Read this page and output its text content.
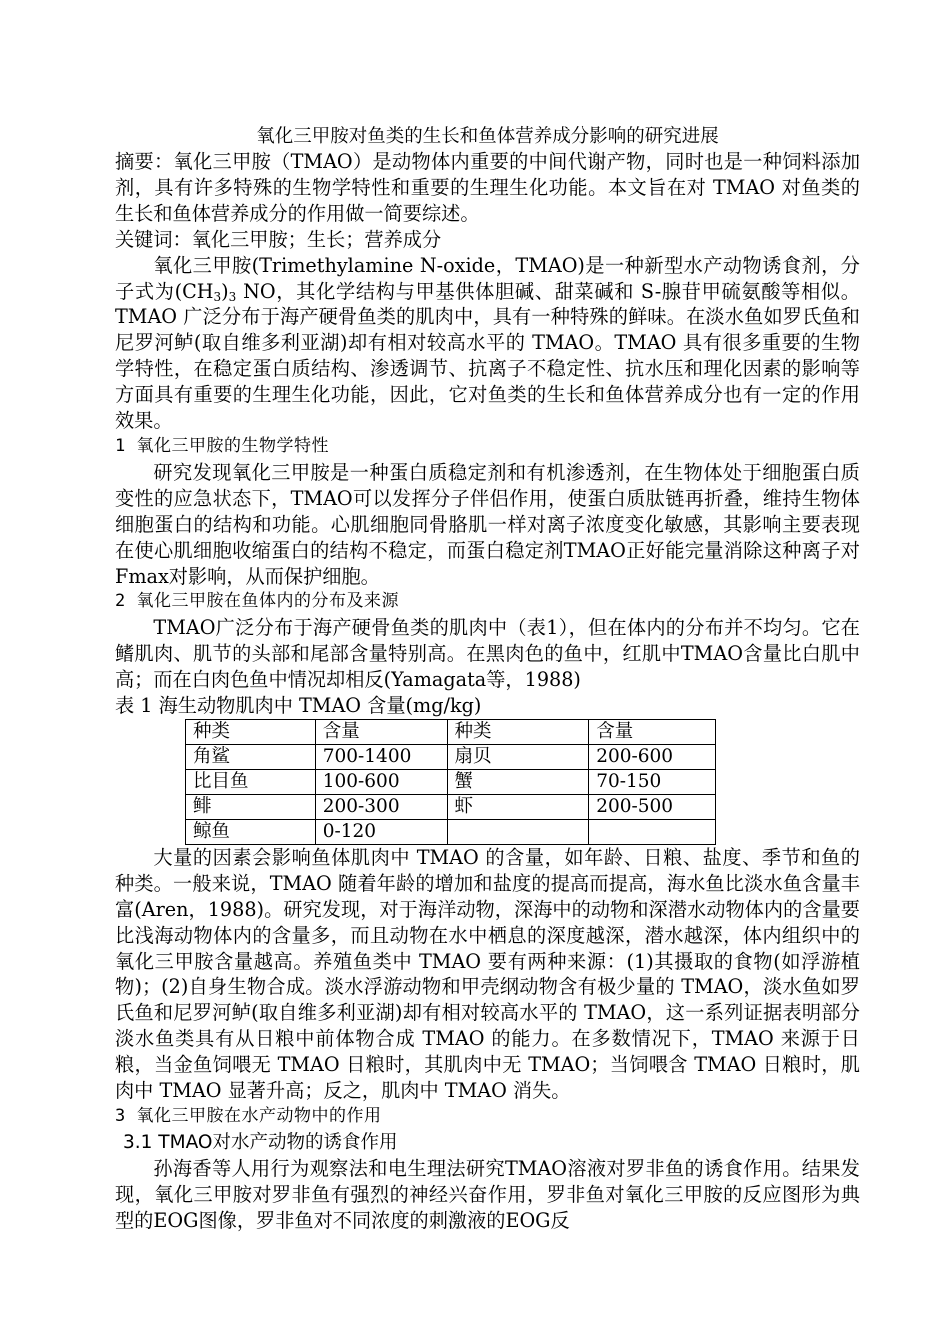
氧化三甲胺对鱼类的生长和鱼体营养成分影响的研究进展

摘要：氧化三甲胺（TMAO）是动物体内重要的中间代谢产物，同时也是一种饲料添加剂，具有许多特殊的生物学特性和重要的生理生化功能。本文旨在对 TMAO 对鱼类的生长和鱼体营养成分的作用做一简要综述。

关键词：氧化三甲胺；生长；营养成分

氧化三甲胺(Trimethylamine N-oxide，TMAO)是一种新型水产动物诱食剂，分子式为$(CH_3)_3$ NO，其化学结构与甲基供体胆碱、甜菜碱和 S-腺苷甲硫氨酸等相似。TMAO 广泛分布于海产硬骨鱼类的肌肉中，具有一种特殊的鲜味。在淡水鱼如罗氏鱼和尼罗河鲈(取自维多利亚湖)却有相对较高水平的 TMAO。TMAO 具有很多重要的生物学特性，在稳定蛋白质结构、渗透调节、抗离子不稳定性、抗水压和理化因素的影响等方面具有重要的生理生化功能，因此，它对鱼类的生长和鱼体营养成分也有一定的作用效果。

1 氧化三甲胺的生物学特性

研究发现氧化三甲胺是一种蛋白质稳定剂和有机渗透剂，在生物体处于细胞蛋白质变性的应急状态下，TMAO可以发挥分子伴侣作用，使蛋白质肽链再折叠，维持生物体细胞蛋白的结构和功能。心肌细胞同骨胳肌一样对离子浓度变化敏感，其影响主要表现在使心肌细胞收缩蛋白的结构不稳定，而蛋白稳定剂TMAO正好能完量消除这种离子对Fmax对影响，从而保护细胞。

2 氧化三甲胺在鱼体内的分布及来源

TMAO广泛分布于海产硬骨鱼类的肌肉中（表1），但在体内的分布并不均匀。它在鳍肌肉、肌节的头部和尾部含量特别高。在黑肉色的鱼中，红肌中TMAO含量比白肌中高；而在白肉色鱼中情况却相反(Yamagata等，1988)

表 1 海生动物肌肉中 TMAO 含量(mg/kg)
种类	含量	种类	含量
角鲨	700-1400	扇贝	200-600
比目鱼	100-600	蟹	70-150
鲱	200-300	虾	200-500
鲸鱼	0-120		

大量的因素会影响鱼体肌肉中 TMAO 的含量，如年龄、日粮、盐度、季节和鱼的种类。一般来说，TMAO 随着年龄的增加和盐度的提高而提高，海水鱼比淡水鱼含量丰富(Aren，1988)。研究发现，对于海洋动物，深海中的动物和深潜水动物体内的含量要比浅海动物体内的含量多，而且动物在水中栖息的深度越深，潜水越深，体内组织中的氧化三甲胺含量越高。养殖鱼类中 TMAO 要有两种来源：(1)其摄取的食物(如浮游植物)；(2)自身生物合成。淡水浮游动物和甲壳纲动物含有极少量的 TMAO，淡水鱼如罗氏鱼和尼罗河鲈(取自维多利亚湖)却有相对较高水平的 TMAO，这一系列证据表明部分淡水鱼类具有从日粮中前体物合成 TMAO 的能力。在多数情况下，TMAO 来源于日粮，当金鱼饲喂无 TMAO 日粮时，其肌肉中无 TMAO；当饲喂含 TMAO 日粮时，肌肉中 TMAO 显著升高；反之，肌肉中 TMAO 消失。

3 氧化三甲胺在水产动物中的作用
3.1 TMAO对水产动物的诱食作用

孙海香等人用行为观察法和电生理法研究TMAO溶液对罗非鱼的诱食作用。结果发现，氧化三甲胺对罗非鱼有强烈的神经兴奋作用，罗非鱼对氧化三甲胺的反应图形为典型的EOG图像，罗非鱼对不同浓度的刺激液的EOG反
